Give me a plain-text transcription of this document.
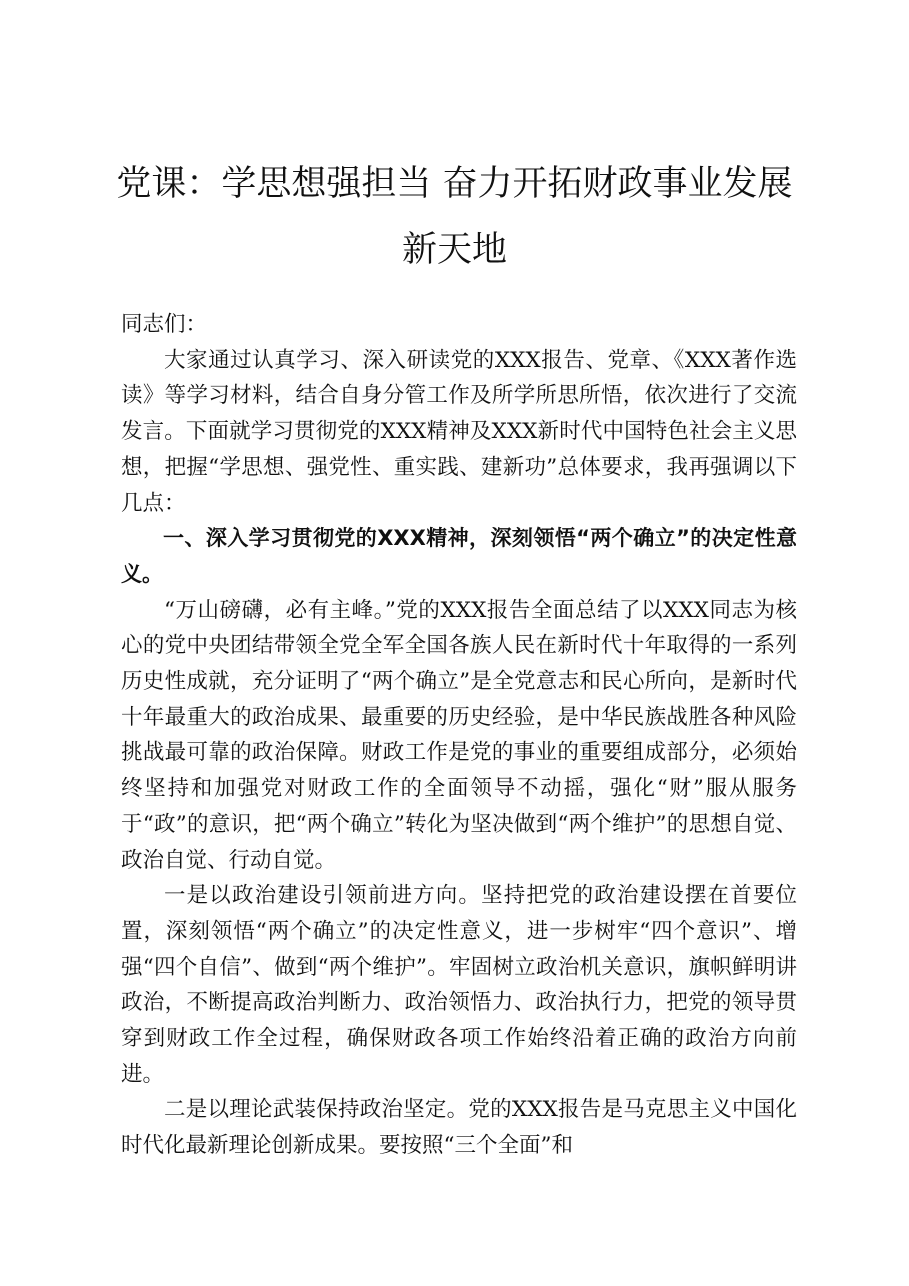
党课：学思想强担当 奋力开拓财政事业发展
新天地

同志们：

大家通过认真学习、深入研读党的XXX报告、党章、《XXX著作选读》等学习材料，结合自身分管工作及所学所思所悟，依次进行了交流发言。下面就学习贯彻党的XXX精神及XXX新时代中国特色社会主义思想，把握“学思想、强党性、重实践、建新功”总体要求，我再强调以下几点：

一、深入学习贯彻党的XXX精神，深刻领悟“两个确立”的决定性意义。

“万山磅礴，必有主峰。”党的XXX报告全面总结了以XXX同志为核心的党中央团结带领全党全军全国各族人民在新时代十年取得的一系列历史性成就，充分证明了“两个确立”是全党意志和民心所向，是新时代十年最重大的政治成果、最重要的历史经验，是中华民族战胜各种风险挑战最可靠的政治保障。财政工作是党的事业的重要组成部分，必须始终坚持和加强党对财政工作的全面领导不动摇，强化“财”服从服务于“政”的意识，把“两个确立”转化为坚决做到“两个维护”的思想自觉、政治自觉、行动自觉。

一是以政治建设引领前进方向。坚持把党的政治建设摆在首要位置，深刻领悟“两个确立”的决定性意义，进一步树牢“四个意识”、增强“四个自信”、做到“两个维护”。牢固树立政治机关意识，旗帜鲜明讲政治，不断提高政治判断力、政治领悟力、政治执行力，把党的领导贯穿到财政工作全过程，确保财政各项工作始终沿着正确的政治方向前进。

二是以理论武装保持政治坚定。党的XXX报告是马克思主义中国化时代化最新理论创新成果。要按照“三个全面”和
